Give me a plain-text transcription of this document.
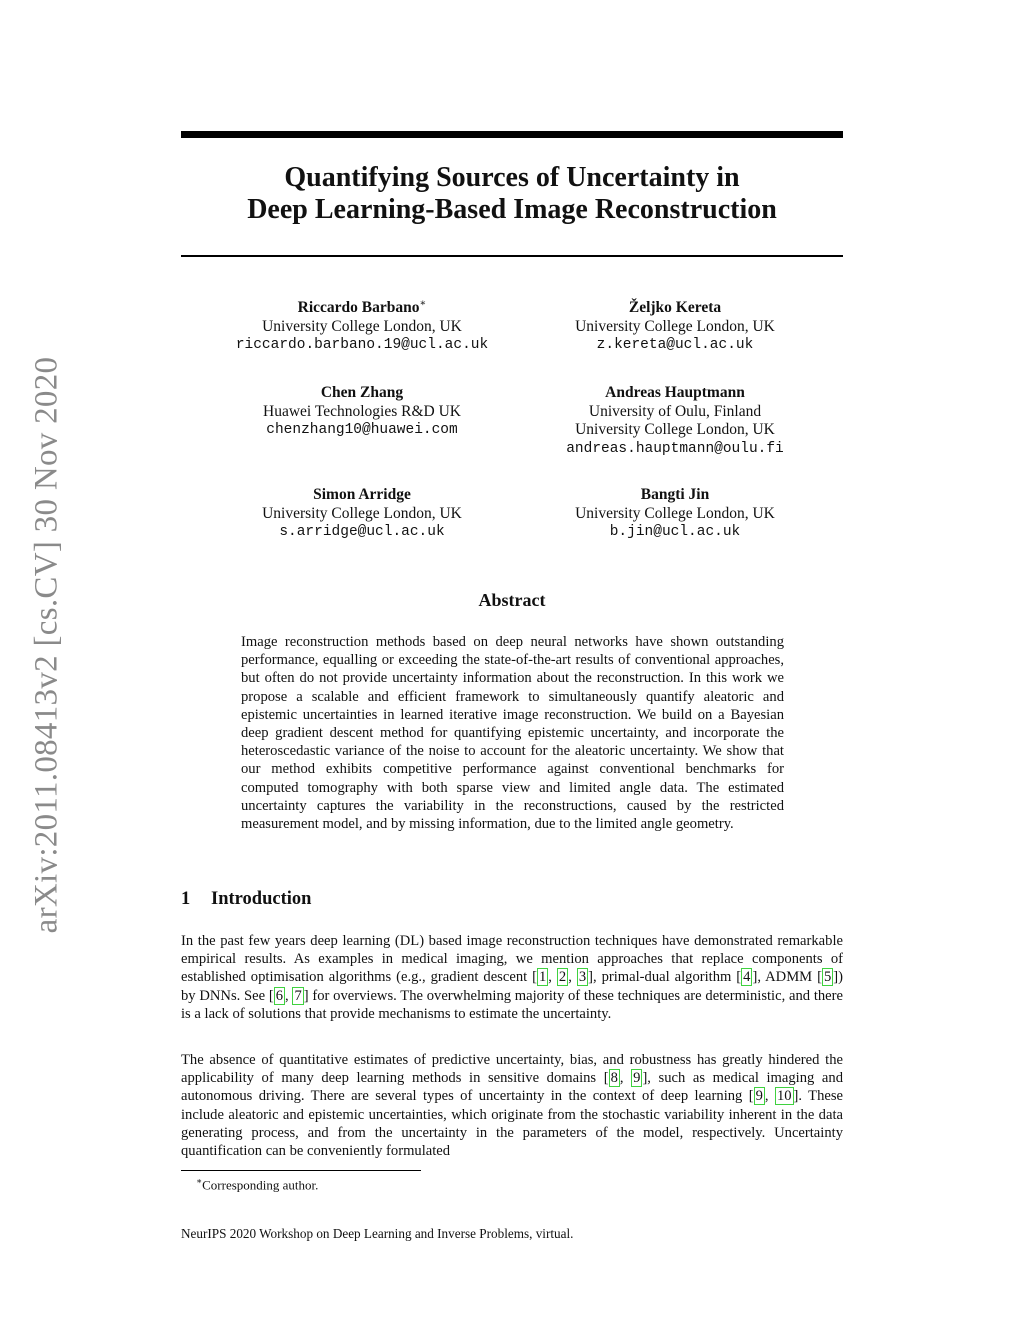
arXiv:2011.08413v2 [cs.CV] 30 Nov 2020
Quantifying Sources of Uncertainty in
Deep Learning-Based Image Reconstruction
Riccardo Barbano∗
University College London, UK
riccardo.barbano.19@ucl.ac.uk
Željko Kereta
University College London, UK
z.kereta@ucl.ac.uk
Chen Zhang
Huawei Technologies R&D UK
chenzhang10@huawei.com
Andreas Hauptmann
University of Oulu, Finland
University College London, UK
andreas.hauptmann@oulu.fi
Simon Arridge
University College London, UK
s.arridge@ucl.ac.uk
Bangti Jin
University College London, UK
b.jin@ucl.ac.uk
Abstract
Image reconstruction methods based on deep neural networks have shown outstanding performance, equalling or exceeding the state-of-the-art results of conventional approaches, but often do not provide uncertainty information about the reconstruction. In this work we propose a scalable and efficient framework to simultaneously quantify aleatoric and epistemic uncertainties in learned iterative image reconstruction. We build on a Bayesian deep gradient descent method for quantifying epistemic uncertainty, and incorporate the heteroscedastic variance of the noise to account for the aleatoric uncertainty. We show that our method exhibits competitive performance against conventional benchmarks for computed tomography with both sparse view and limited angle data. The estimated uncertainty captures the variability in the reconstructions, caused by the restricted measurement model, and by missing information, due to the limited angle geometry.
1 Introduction
In the past few years deep learning (DL) based image reconstruction techniques have demonstrated remarkable empirical results. As examples in medical imaging, we mention approaches that replace components of established optimisation algorithms (e.g., gradient descent [ 1 , 2 , 3 ], primal-dual algorithm [ 4 ], ADMM [ 5 ]) by DNNs. See [ 6 , 7 ] for overviews. The overwhelming majority of these techniques are deterministic, and there is a lack of solutions that provide mechanisms to estimate the uncertainty.
The absence of quantitative estimates of predictive uncertainty, bias, and robustness has greatly hindered the applicability of many deep learning methods in sensitive domains [ 8 , 9 ], such as medical imaging and autonomous driving. There are several types of uncertainty in the context of deep learning [ 9 , 10 ]. These include aleatoric and epistemic uncertainties, which originate from the stochastic variability inherent in the data generating process, and from the uncertainty in the parameters of the model, respectively. Uncertainty quantification can be conveniently formulated
∗Corresponding author.
NeurIPS 2020 Workshop on Deep Learning and Inverse Problems, virtual.
